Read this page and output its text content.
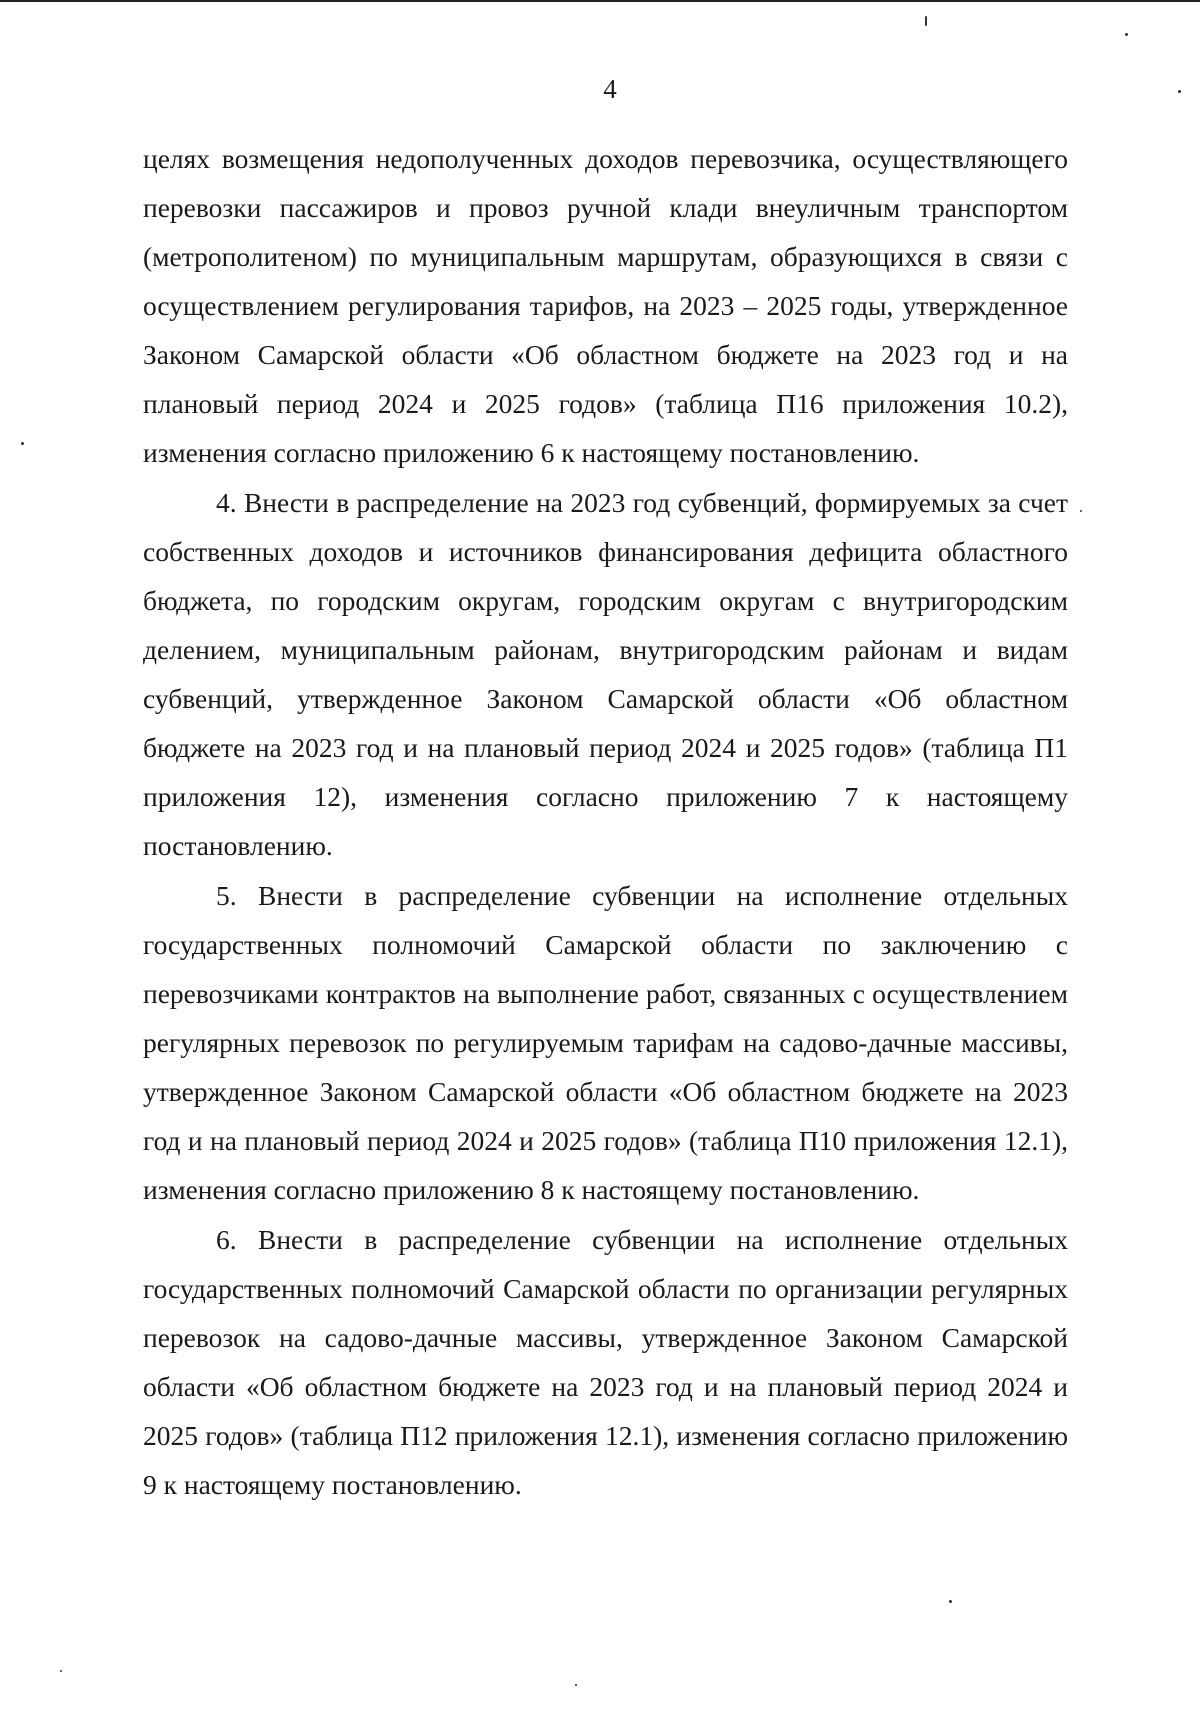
4

целях возмещения недополученных доходов перевозчика, осуществляющего перевозки пассажиров и провоз ручной клади внеуличным транспортом (метрополитеном) по муниципальным маршрутам, образующихся в связи с осуществлением регулирования тарифов, на 2023 – 2025 годы, утвержденное Законом Самарской области «Об областном бюджете на 2023 год и на плановый период 2024 и 2025 годов» (таблица П16 приложения 10.2), изменения согласно приложению 6 к настоящему постановлению.

4. Внести в распределение на 2023 год субвенций, формируемых за счет собственных доходов и источников финансирования дефицита областного бюджета, по городским округам, городским округам с внутригородским делением, муниципальным районам, внутригородским районам и видам субвенций, утвержденное Законом Самарской области «Об областном бюджете на 2023 год и на плановый период 2024 и 2025 годов» (таблица П1 приложения 12), изменения согласно приложению 7 к настоящему постановлению.

5. Внести в распределение субвенции на исполнение отдельных государственных полномочий Самарской области по заключению с перевозчиками контрактов на выполнение работ, связанных с осуществлением регулярных перевозок по регулируемым тарифам на садово-дачные массивы, утвержденное Законом Самарской области «Об областном бюджете на 2023 год и на плановый период 2024 и 2025 годов» (таблица П10 приложения 12.1), изменения согласно приложению 8 к настоящему постановлению.

6. Внести в распределение субвенции на исполнение отдельных государственных полномочий Самарской области по организации регулярных перевозок на садово-дачные массивы, утвержденное Законом Самарской области «Об областном бюджете на 2023 год и на плановый период 2024 и 2025 годов» (таблица П12 приложения 12.1), изменения согласно приложению 9 к настоящему постановлению.
